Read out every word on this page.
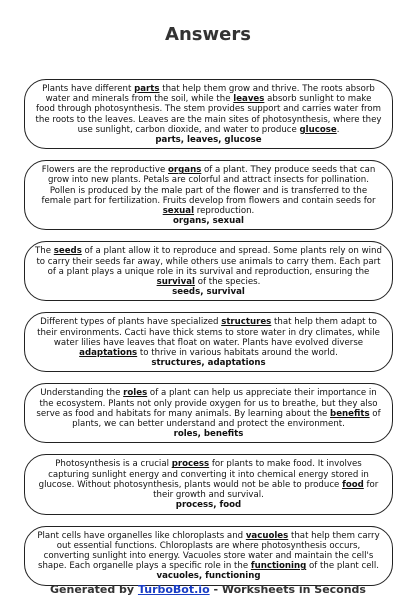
Answers
Plants have different parts that help them grow and thrive. The roots absorb water and minerals from the soil, while the leaves absorb sunlight to make food through photosynthesis. The stem provides support and carries water from the roots to the leaves. Leaves are the main sites of photosynthesis, where they use sunlight, carbon dioxide, and water to produce glucose.
parts, leaves, glucose
Flowers are the reproductive organs of a plant. They produce seeds that can grow into new plants. Petals are colorful and attract insects for pollination. Pollen is produced by the male part of the flower and is transferred to the female part for fertilization. Fruits develop from flowers and contain seeds for sexual reproduction.
organs, sexual
The seeds of a plant allow it to reproduce and spread. Some plants rely on wind to carry their seeds far away, while others use animals to carry them. Each part of a plant plays a unique role in its survival and reproduction, ensuring the survival of the species.
seeds, survival
Different types of plants have specialized structures that help them adapt to their environments. Cacti have thick stems to store water in dry climates, while water lilies have leaves that float on water. Plants have evolved diverse adaptations to thrive in various habitats around the world.
structures, adaptations
Understanding the roles of a plant can help us appreciate their importance in the ecosystem. Plants not only provide oxygen for us to breathe, but they also serve as food and habitats for many animals. By learning about the benefits of plants, we can better understand and protect the environment.
roles, benefits
Photosynthesis is a crucial process for plants to make food. It involves capturing sunlight energy and converting it into chemical energy stored in glucose. Without photosynthesis, plants would not be able to produce food for their growth and survival.
process, food
Plant cells have organelles like chloroplasts and vacuoles that help them carry out essential functions. Chloroplasts are where photosynthesis occurs, converting sunlight into energy. Vacuoles store water and maintain the cell's shape. Each organelle plays a specific role in the functioning of the plant cell.
vacuoles, functioning
Generated by TurboBot.io - Worksheets in Seconds
